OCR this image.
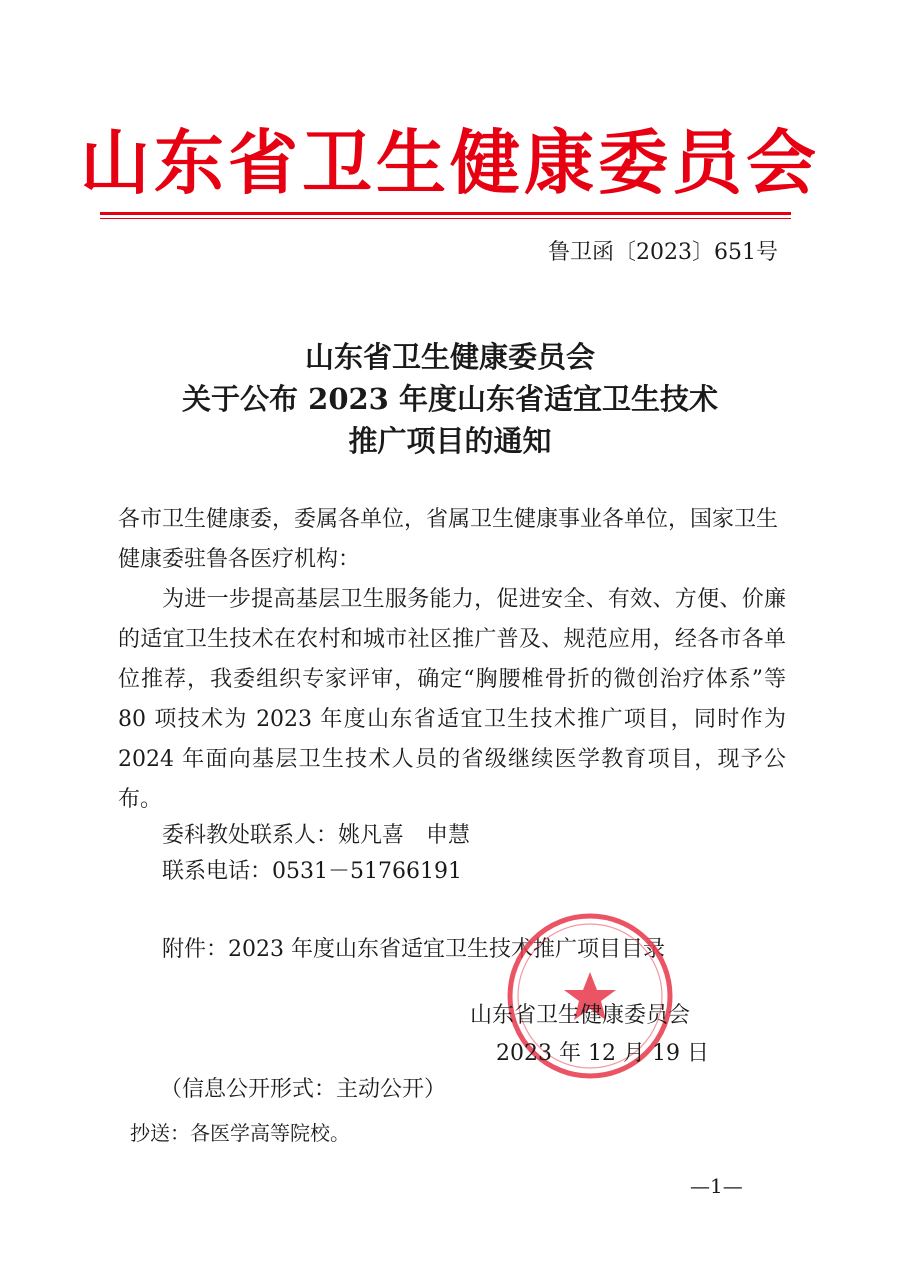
山东省卫生健康委员会
鲁卫函〔2023〕651号
山东省卫生健康委员会
关于公布 2023 年度山东省适宜卫生技术
推广项目的通知
各市卫生健康委，委属各单位，省属卫生健康事业各单位，国家卫生健康委驻鲁各医疗机构：
为进一步提高基层卫生服务能力，促进安全、有效、方便、价廉的适宜卫生技术在农村和城市社区推广普及、规范应用，经各市各单位推荐，我委组织专家评审，确定“胸腰椎骨折的微创治疗体系”等 80 项技术为 2023 年度山东省适宜卫生技术推广项目，同时作为 2024 年面向基层卫生技术人员的省级继续医学教育项目，现予公布。
委科教处联系人：姚凡喜　申慧
联系电话：0531－51766191
附件：2023 年度山东省适宜卫生技术推广项目目录
山东省卫生健康委员会
2023 年 12 月 19 日
（信息公开形式：主动公开）
抄送：各医学高等院校。
—1—
